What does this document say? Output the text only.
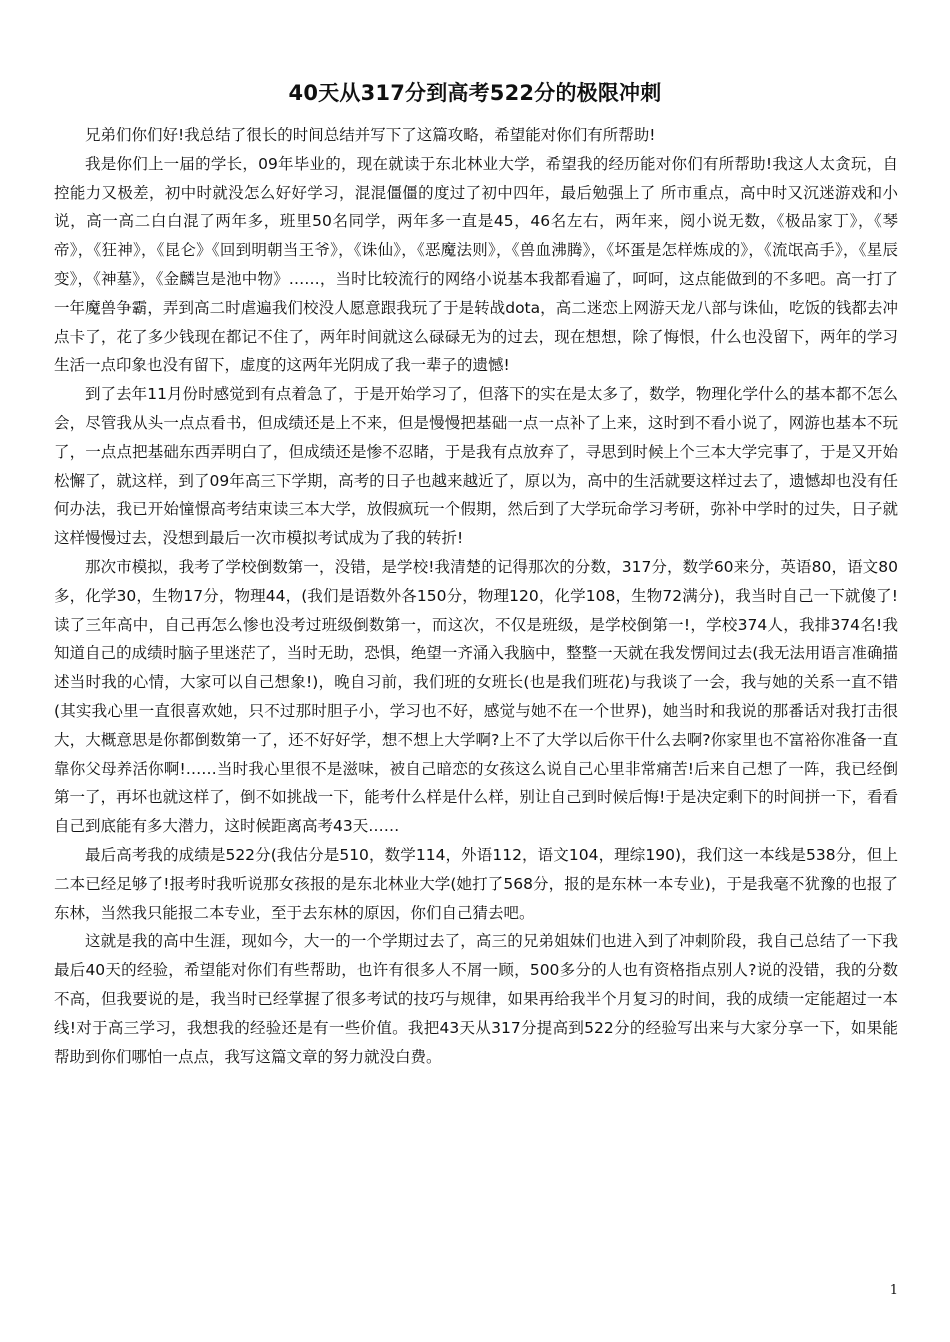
40天从317分到高考522分的极限冲刺

兄弟们你们好!我总结了很长的时间总结并写下了这篇攻略，希望能对你们有所帮助!

我是你们上一届的学长，09年毕业的，现在就读于东北林业大学，希望我的经历能对你们有所帮助!我这人太贪玩，自控能力又极差，初中时就没怎么好好学习，混混僵僵的度过了初中四年，最后勉强上了 所市重点，高中时又沉迷游戏和小说，高一高二白白混了两年多，班里50名同学，两年多一直是45，46名左右，两年来，阅小说无数，《极品家丁》，《琴帝》，《狂神》，《昆仑》《回到明朝当王爷》，《诛仙》，《恶魔法则》，《兽血沸腾》，《坏蛋是怎样炼成的》，《流氓高手》，《星辰变》，《神墓》，《金麟岂是池中物》……，当时比较流行的网络小说基本我都看遍了，呵呵，这点能做到的不多吧。高一打了一年魔兽争霸，弄到高二时虐遍我们校没人愿意跟我玩了于是转战dota，高二迷恋上网游天龙八部与诛仙，吃饭的钱都去冲点卡了，花了多少钱现在都记不住了，两年时间就这么碌碌无为的过去，现在想想，除了悔恨，什么也没留下，两年的学习生活一点印象也没有留下，虚度的这两年光阴成了我一辈子的遗憾!

到了去年11月份时感觉到有点着急了，于是开始学习了，但落下的实在是太多了，数学，物理化学什么的基本都不怎么会，尽管我从头一点点看书，但成绩还是上不来，但是慢慢把基础一点一点补了上来，这时到不看小说了，网游也基本不玩了，一点点把基础东西弄明白了，但成绩还是惨不忍睹，于是我有点放弃了，寻思到时候上个三本大学完事了，于是又开始松懈了，就这样，到了09年高三下学期，高考的日子也越来越近了，原以为，高中的生活就要这样过去了，遗憾却也没有任何办法，我已开始憧憬高考结束读三本大学，放假疯玩一个假期，然后到了大学玩命学习考研，弥补中学时的过失，日子就这样慢慢过去，没想到最后一次市模拟考试成为了我的转折!

那次市模拟，我考了学校倒数第一，没错，是学校!我清楚的记得那次的分数，317分，数学60来分，英语80，语文80多，化学30，生物17分，物理44，(我们是语数外各150分，物理120，化学108，生物72满分)，我当时自己一下就傻了!读了三年高中，自己再怎么惨也没考过班级倒数第一，而这次，不仅是班级，是学校倒第一!，学校374人，我排374名!我知道自己的成绩时脑子里迷茫了，当时无助，恐惧，绝望一齐涌入我脑中，整整一天就在我发愣间过去(我无法用语言准确描述当时我的心情，大家可以自己想象!)，晚自习前，我们班的女班长(也是我们班花)与我谈了一会，我与她的关系一直不错(其实我心里一直很喜欢她，只不过那时胆子小，学习也不好，感觉与她不在一个世界)，她当时和我说的那番话对我打击很大，大概意思是你都倒数第一了，还不好好学，想不想上大学啊?上不了大学以后你干什么去啊?你家里也不富裕你准备一直靠你父母养活你啊!……当时我心里很不是滋味，被自己暗恋的女孩这么说自己心里非常痛苦!后来自己想了一阵，我已经倒第一了，再坏也就这样了，倒不如挑战一下，能考什么样是什么样，别让自己到时候后悔!于是决定剩下的时间拼一下，看看自己到底能有多大潜力，这时候距离高考43天……

最后高考我的成绩是522分(我估分是510，数学114，外语112，语文104，理综190)，我们这一本线是538分，但上二本已经足够了!报考时我听说那女孩报的是东北林业大学(她打了568分，报的是东林一本专业)，于是我毫不犹豫的也报了东林，当然我只能报二本专业，至于去东林的原因，你们自己猜去吧。

这就是我的高中生涯，现如今，大一的一个学期过去了，高三的兄弟姐妹们也进入到了冲刺阶段，我自己总结了一下我最后40天的经验，希望能对你们有些帮助，也许有很多人不屑一顾，500多分的人也有资格指点别人?说的没错，我的分数不高，但我要说的是，我当时已经掌握了很多考试的技巧与规律，如果再给我半个月复习的时间，我的成绩一定能超过一本线!对于高三学习，我想我的经验还是有一些价值。我把43天从317分提高到522分的经验写出来与大家分享一下，如果能帮助到你们哪怕一点点，我写这篇文章的努力就没白费。

1
